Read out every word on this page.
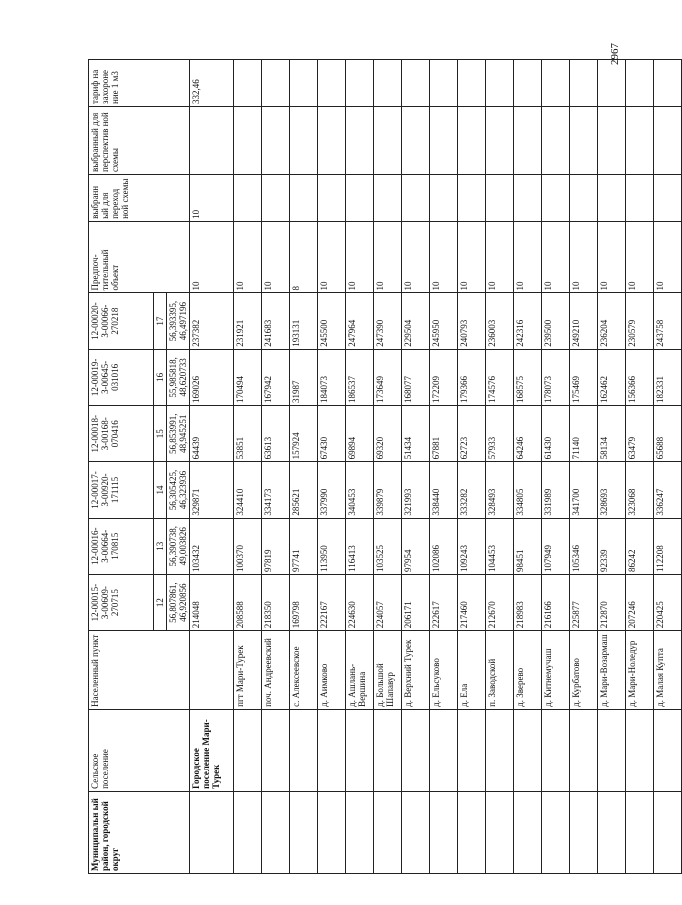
2967
Муниципальн ый район, городской округ	Сельское поселение	Населенный пункт	12-00015-З-00609-270715	12-00016-З-00664-170815	12-00017-З-00920-171115	12-00018-З-00168-070416	12-00019-З-00645-031016	12-00020-З-00066-270218	Предпоч-тительный объект	выбранн ый для переход ной схемы	выбранный для перспектив ной схемы	тариф на захороне ние 1 м3
			12	13	14	15	16	17				
			56,807861, 46,920856	56,390738, 49,003826	56,305425, 46,323936	56,853991, 48,945251	55,985818, 48,620733	56,393395, 46,497196				
	Городское поселение Мари-Турек		214048	103432	329871	64439	169026	237382	10	10		332,46
		пгт Мари-Турек	208588	100370	324410	53851	170494	231921	10			
		поч. Андреевский	218350	97819	334173	63613	167942	241683	10			
		с. Алексеевское	169798	97741	285621	157924	31987	193131	8			
		д. Аимково	222167	113950	337990	67430	184073	245500	10			
		д. Ашлань-Вершина	224630	116413	340453	69894	186537	247964	10			
		д. Большой Шапавур	224057	103525	339879	69320	173649	247390	10			
		д. Верхний Турек	206171	97954	321993	51434	168077	229504	10			
		д. Ельсуково	222617	102086	338440	67881	172209	245950	10			
		д. Ела	217460	109243	333282	62723	179366	240793	10			
		п. Заводской	212670	104453	328493	57933	174576	236003	10			
		д. Зверево	218983	98451	334805	64246	168575	242316	10			
		д. Китнемучаш	216166	107949	331989	61430	178073	239500	10			
		д. Курбатово	225877	105346	341700	71140	175469	249210	10			
		д. Мари-Возармаш	212870	92339	328693	58134	162462	236204	10			
		д. Мари-Ноледур	207246	86242	323068	63479	156366	230579	10			
		д. Малая Купта	220425	112208	336247	65688	182331	243758	10			
